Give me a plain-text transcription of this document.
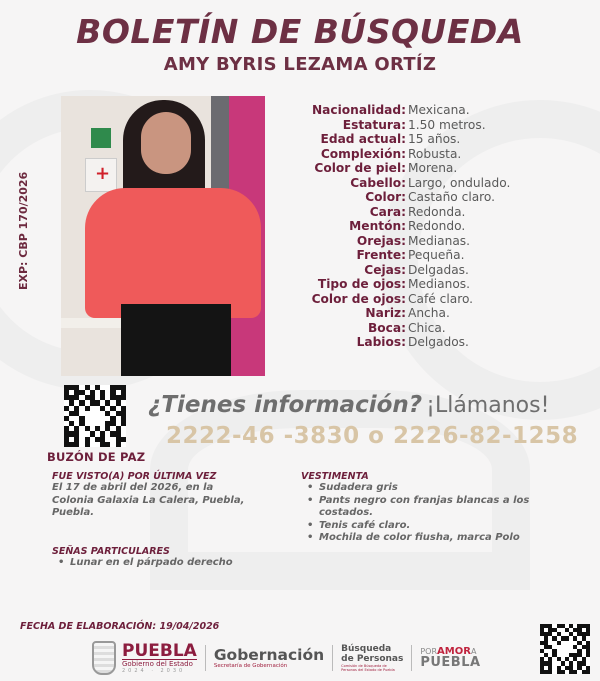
BOLETÍN DE BÚSQUEDA
AMY BYRIS LEZAMA ORTÍZ
EXP: CBP 170/2026
+
Nacionalidad: Mexicana.
Estatura: 1.50 metros.
Edad actual: 15 años.
Complexión: Robusta.
Color de piel: Morena.
Cabello: Largo, ondulado.
Color: Castaño claro.
Cara: Redonda.
Mentón: Redondo.
Orejas: Medianas.
Frente: Pequeña.
Cejas: Delgadas.
Tipo de ojos: Medianos.
Color de ojos: Café claro.
Nariz: Ancha.
Boca: Chica.
Labios: Delgados.
BUZÓN DE PAZ
¿Tienes información? ¡Llámanos!
2222-46 -3830 o 2226-82-1258
FUE VISTO(A) POR ÚLTIMA VEZ
El 17 de abril del 2026, en la
Colonia Galaxia La Calera, Puebla,
Puebla.
SEÑAS PARTICULARES
• Lunar en el párpado derecho
VESTIMENTA
• Sudadera gris
• Pants negro con franjas blancas a los
costados.
• Tenis café claro.
• Mochila de color fiusha, marca Polo
FECHA DE ELABORACIÓN: 19/04/2026
PUEBLA
Gobierno del Estado
2024 · 2030
Gobernación
Secretaría de Gobernación
Búsqueda
de Personas
Comisión de Búsqueda de Personas del Estado de Puebla
PORAMORA
PUEBLA
